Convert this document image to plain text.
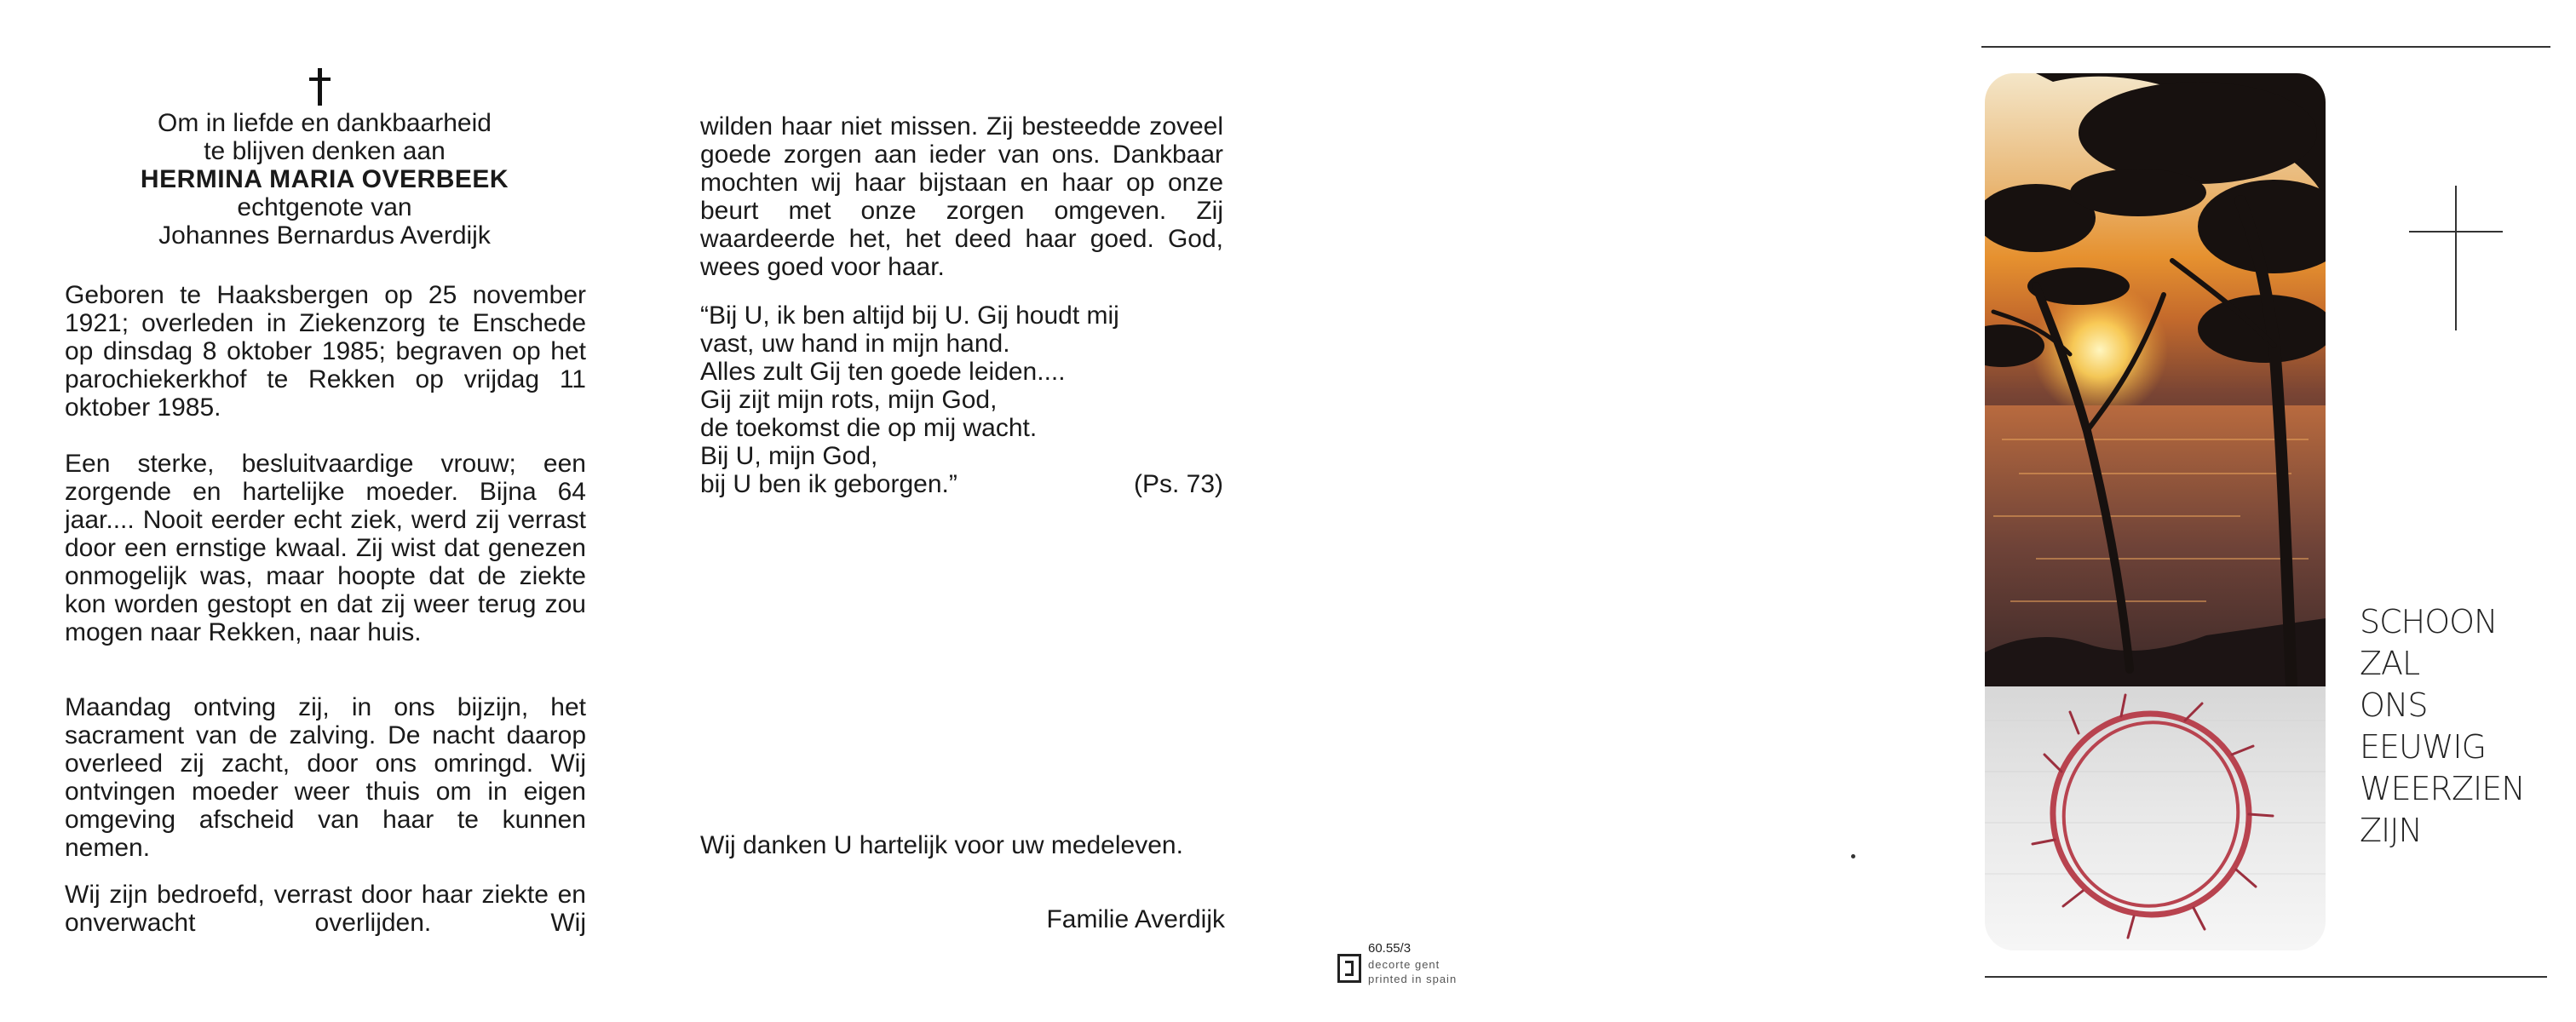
Om in liefde en dankbaarheid
te blijven denken aan
HERMINA MARIA OVERBEEK
echtgenote van
Johannes Bernardus Averdijk

Geboren te Haaksbergen op 25 november 1921; overleden in Ziekenzorg te Enschede op dinsdag 8 oktober 1985; begraven op het parochiekerkhof te Rekken op vrijdag 11 oktober 1985.

Een sterke, besluitvaardige vrouw; een zorgende en hartelijke moeder. Bijna 64 jaar.... Nooit eerder echt ziek, werd zij verrast door een ernstige kwaal. Zij wist dat genezen onmogelijk was, maar hoopte dat de ziekte kon worden gestopt en dat zij weer terug zou mogen naar Rekken, naar huis.

Maandag ontving zij, in ons bijzijn, het sacrament van de zalving. De nacht daarop overleed zij zacht, door ons omringd. Wij ontvingen moeder weer thuis om in eigen omgeving afscheid van haar te kunnen nemen.

Wij zijn bedroefd, verrast door haar ziekte en onverwacht overlijden. Wij

wilden haar niet missen. Zij besteedde zoveel goede zorgen aan ieder van ons. Dankbaar mochten wij haar bijstaan en haar op onze beurt met onze zorgen omgeven. Zij waardeerde het, het deed haar goed. God, wees goed voor haar.

“Bij U, ik ben altijd bij U. Gij houdt mij
vast, uw hand in mijn hand.
Alles zult Gij ten goede leiden....
Gij zijt mijn rots, mijn God,
de toekomst die op mij wacht.
Bij U, mijn God,
bij U ben ik geborgen.”	(Ps. 73)

Wij danken U hartelijk voor uw medeleven.

Familie Averdijk
60.55/3
decorte gent
printed in spain
SCHOON
ZAL
ONS
EEUWIG
WEERZIEN
ZIJN
